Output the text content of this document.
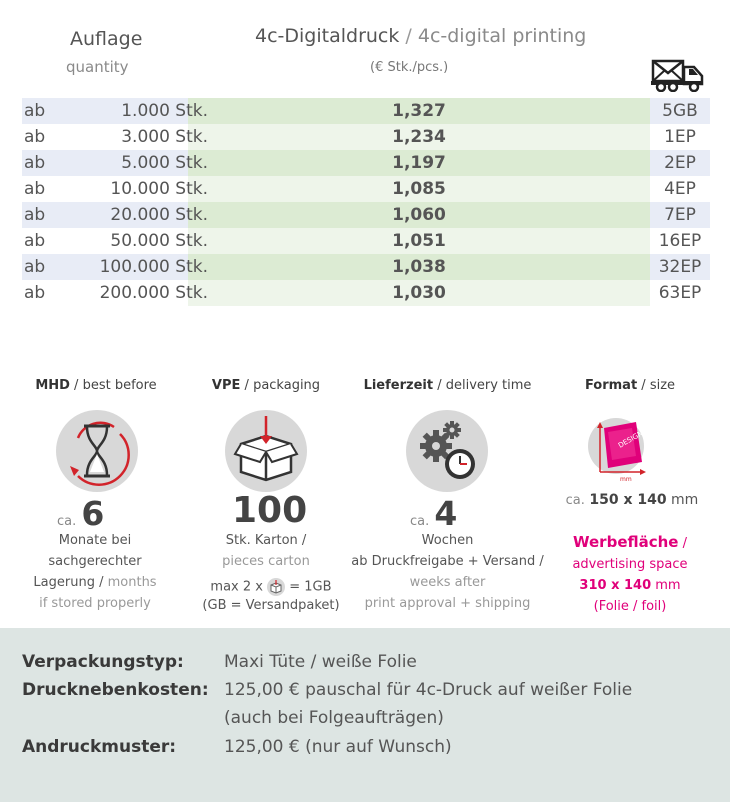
Auflage
quantity
4c-Digitaldruck / 4c-digital printing
(€ Stk./pcs.)
ab	1.000 Stk.	1,327	5GB
ab	3.000 Stk.	1,234	1EP
ab	5.000 Stk.	1,197	2EP
ab	10.000 Stk.	1,085	4EP
ab	20.000 Stk.	1,060	7EP
ab	50.000 Stk.	1,051	16EP
ab	100.000 Stk.	1,038	32EP
ab	200.000 Stk.	1,030	63EP
MHD / best before
ca. 6
Monate bei
sachgerechter
Lagerung / months
if stored properly
VPE / packaging
100
Stk. Karton /
pieces carton
max 2 x = 1GB
(GB = Versandpaket)
Lieferzeit / delivery time
ca. 4
Wochen
ab Druckfreigabe + Versand /
weeks after
print approval + shipping
Format / size
DESIGN
mm
ca. 150 x 140 mm
Werbefläche /
advertising space
310 x 140 mm
(Folie / foil)
Verpackungstyp: Maxi Tüte / weiße Folie
Drucknebenkosten: 125,00 € pauschal für 4c-Druck auf weißer Folie
(auch bei Folgeaufträgen)
Andruckmuster:	125,00 € (nur auf Wunsch)
